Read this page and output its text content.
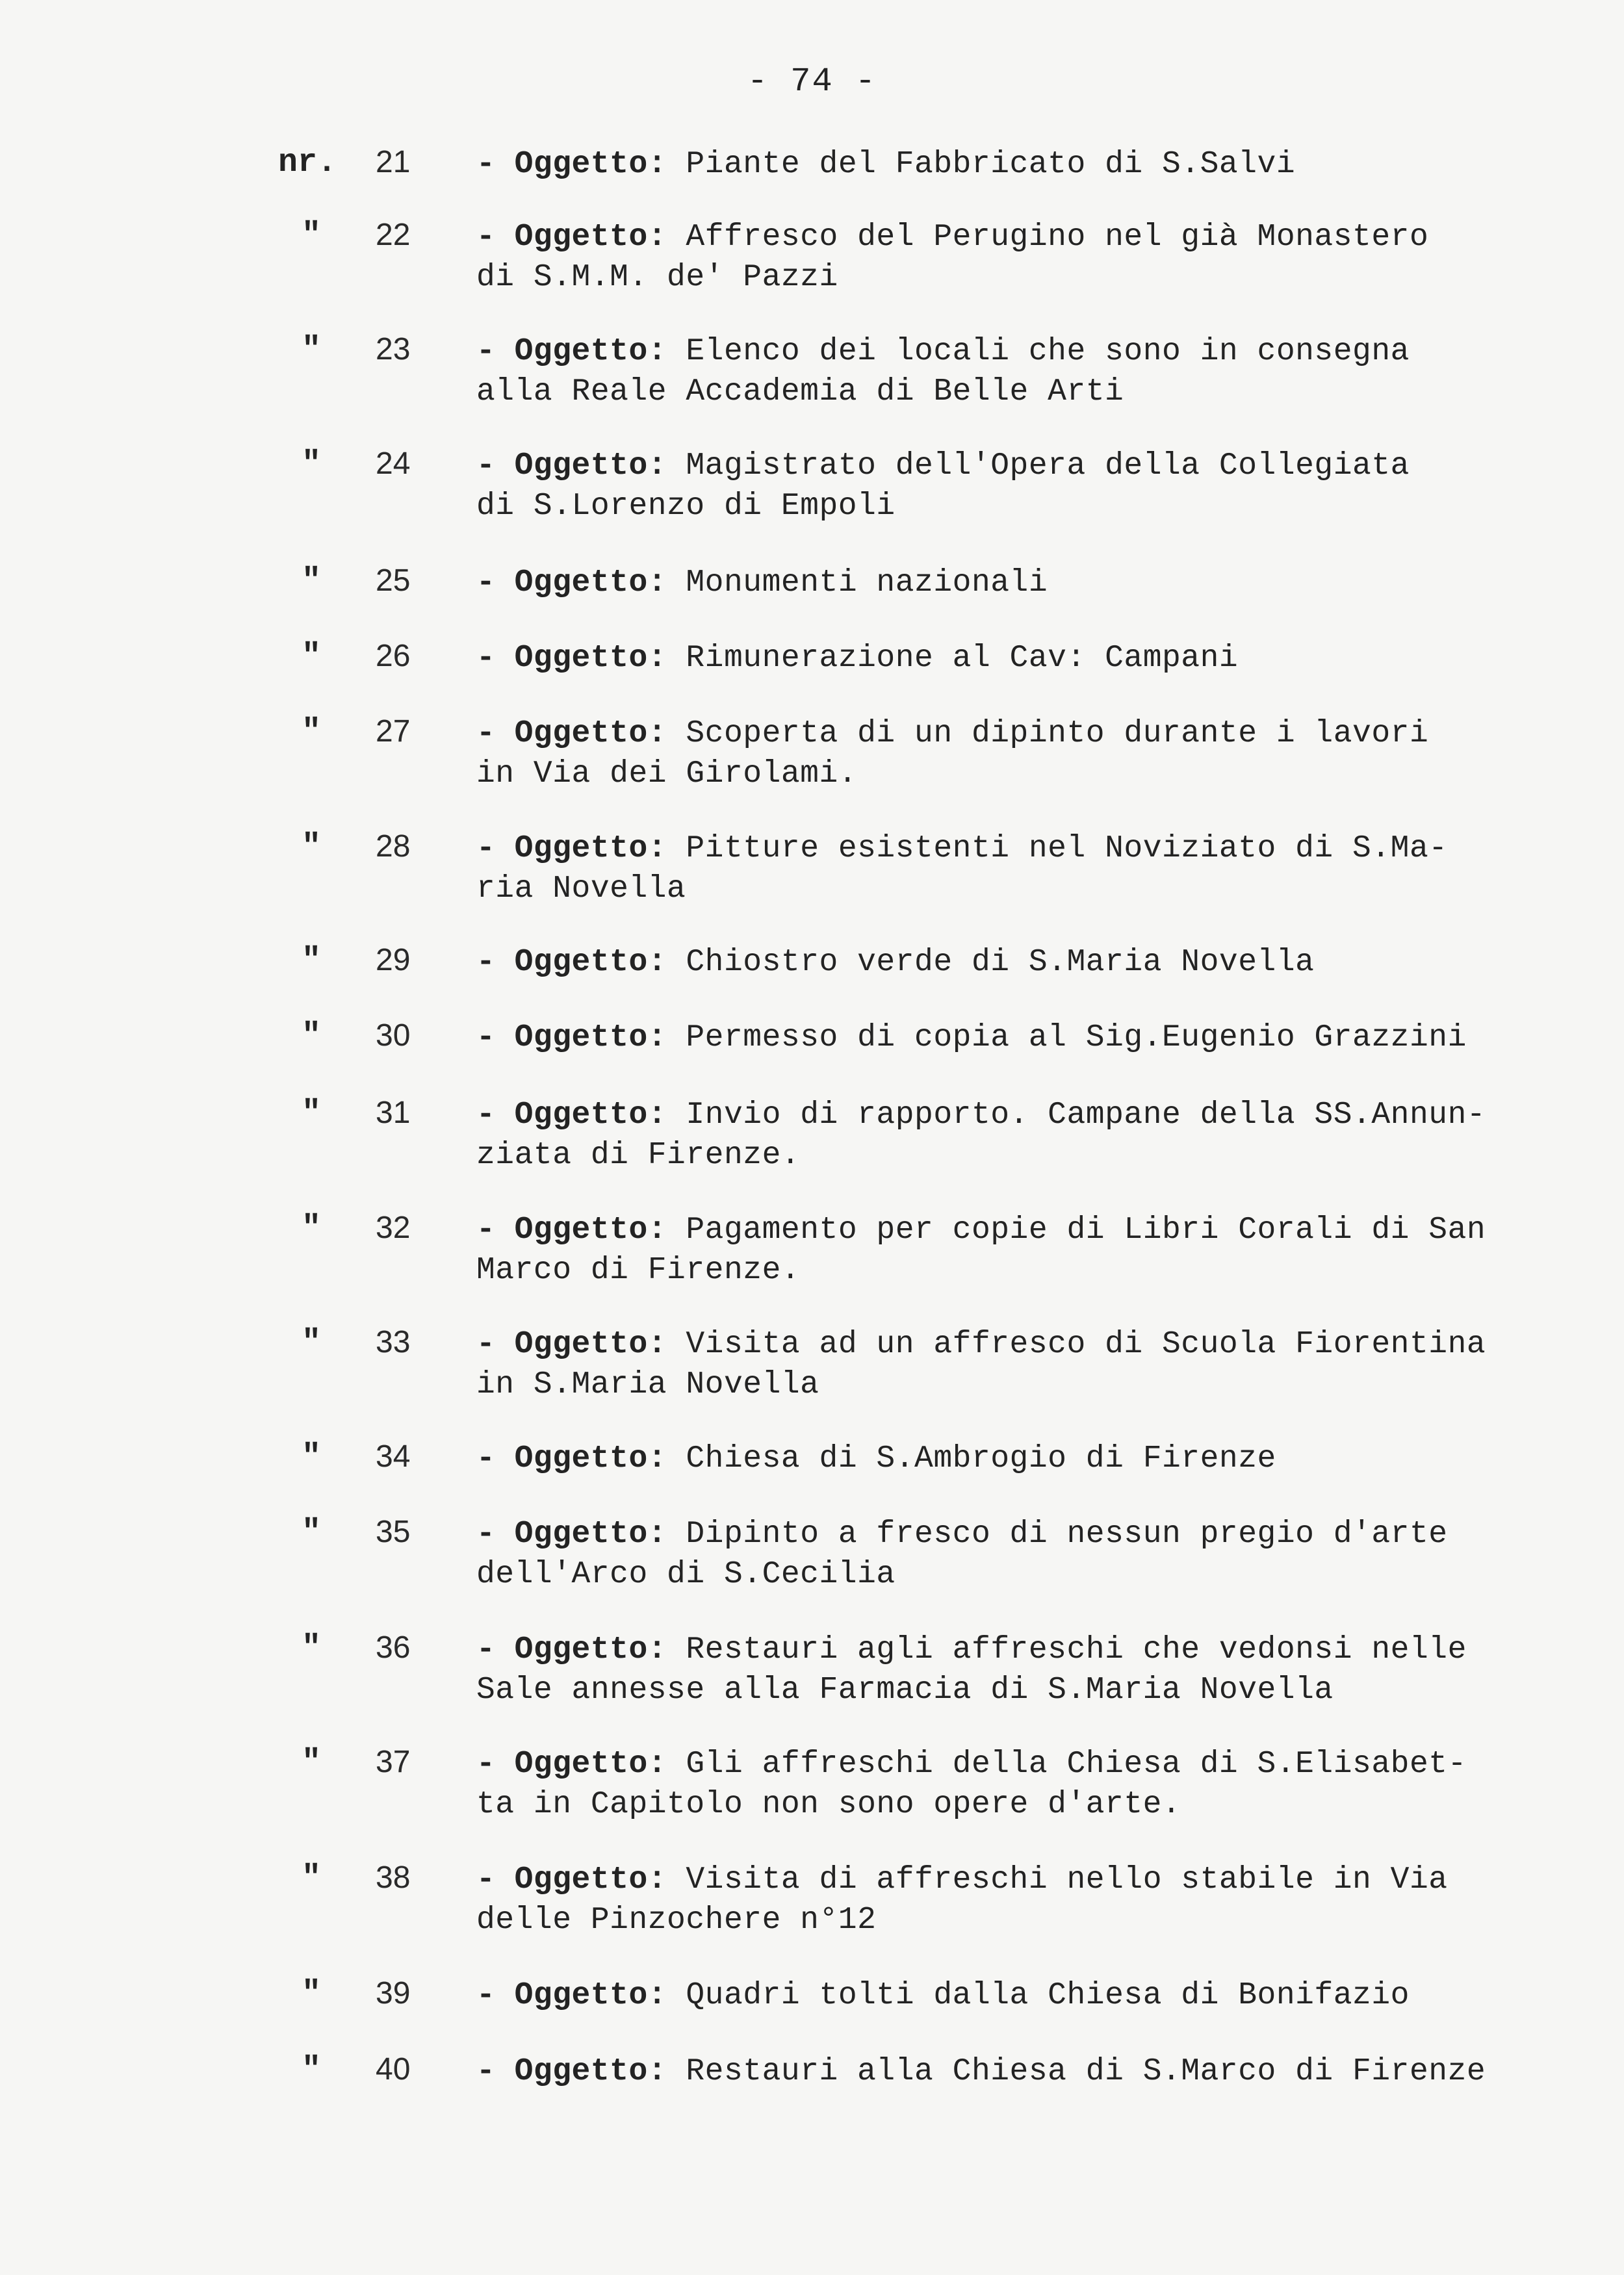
- 74 -
nr. 21 - Oggetto: Piante del Fabbricato di S.Salvi
" 22 - Oggetto: Affresco del Perugino nel già Monastero
di S.M.M. de' Pazzi
" 23 - Oggetto: Elenco dei locali che sono in consegna
alla Reale Accademia di Belle Arti
" 24 - Oggetto: Magistrato dell'Opera della Collegiata
di S.Lorenzo di Empoli
" 25 - Oggetto: Monumenti nazionali
" 26 - Oggetto: Rimunerazione al Cav: Campani
" 27 - Oggetto: Scoperta di un dipinto durante i lavori
in Via dei Girolami.
" 28 - Oggetto: Pitture esistenti nel Noviziato di S.Ma-
ria Novella
" 29 - Oggetto: Chiostro verde di S.Maria Novella
" 30 - Oggetto: Permesso di copia al Sig.Eugenio Grazzini
" 31 - Oggetto: Invio di rapporto. Campane della SS.Annun-
ziata di Firenze.
" 32 - Oggetto: Pagamento per copie di Libri Corali di San
Marco di Firenze.
" 33 - Oggetto: Visita ad un affresco di Scuola Fiorentina
in S.Maria Novella
" 34 - Oggetto: Chiesa di S.Ambrogio di Firenze
" 35 - Oggetto: Dipinto a fresco di nessun pregio d'arte
dell'Arco di S.Cecilia
" 36 - Oggetto: Restauri agli affreschi che vedonsi nelle
Sale annesse alla Farmacia di S.Maria Novella
" 37 - Oggetto: Gli affreschi della Chiesa di S.Elisabet-
ta in Capitolo non sono opere d'arte.
" 38 - Oggetto: Visita di affreschi nello stabile in Via
delle Pinzochere n°12
" 39 - Oggetto: Quadri tolti dalla Chiesa di Bonifazio
" 40 - Oggetto: Restauri alla Chiesa di S.Marco di Firenze
